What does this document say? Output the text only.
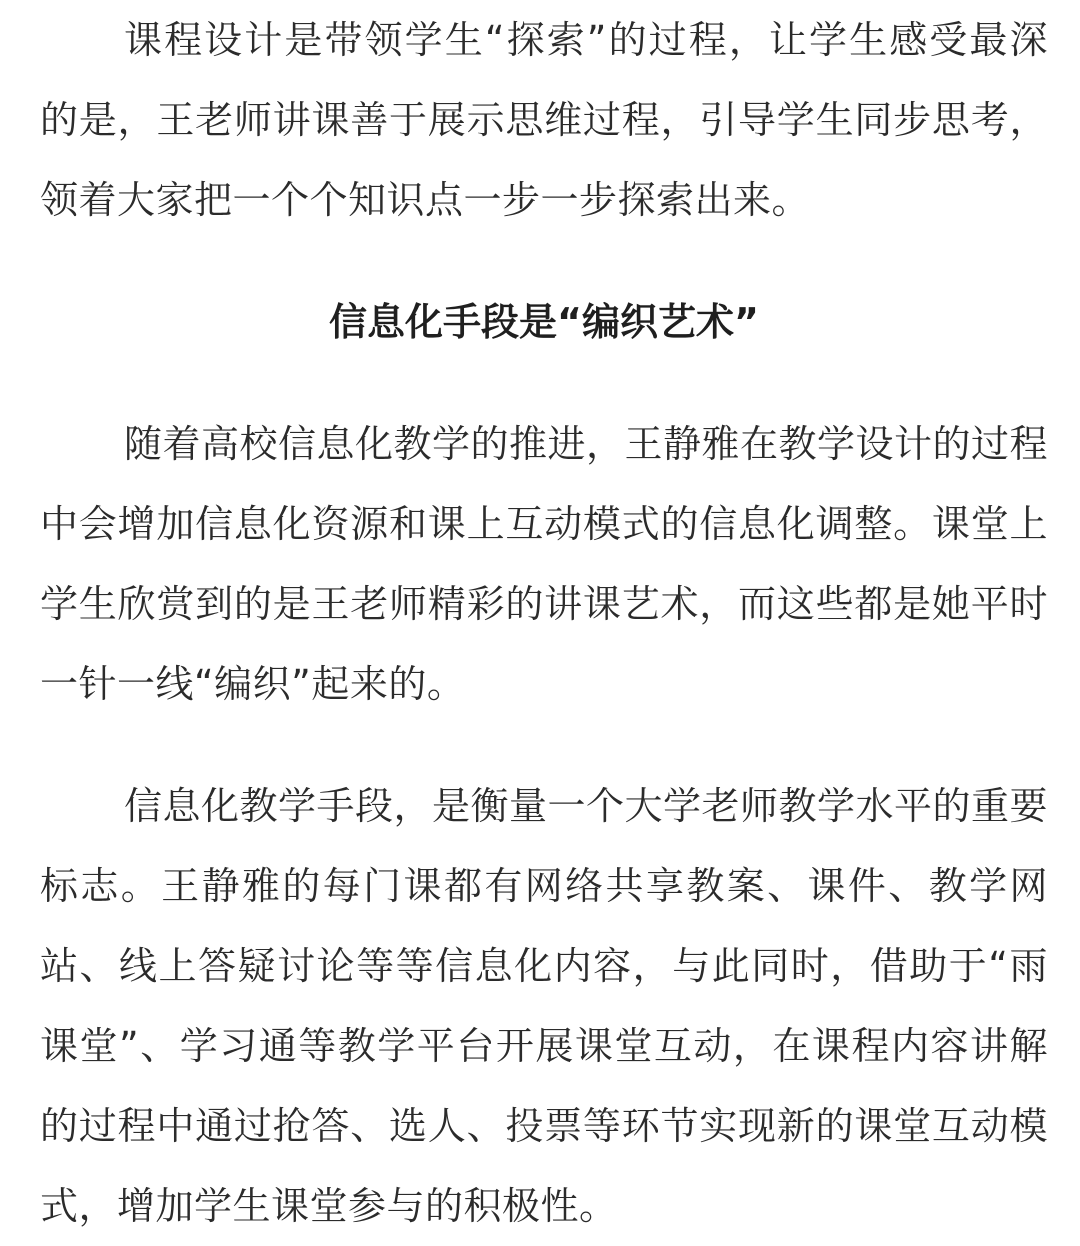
课程设计是带领学生“探索”的过程，让学生感受最深的是，王老师讲课善于展示思维过程，引导学生同步思考，领着大家把一个个知识点一步一步探索出来。

信息化手段是“编织艺术”

随着高校信息化教学的推进，王静雅在教学设计的过程中会增加信息化资源和课上互动模式的信息化调整。课堂上学生欣赏到的是王老师精彩的讲课艺术，而这些都是她平时一针一线“编织”起来的。

信息化教学手段，是衡量一个大学老师教学水平的重要标志。王静雅的每门课都有网络共享教案、课件、教学网站、线上答疑讨论等等信息化内容，与此同时，借助于“雨课堂”、学习通等教学平台开展课堂互动，在课程内容讲解的过程中通过抢答、选人、投票等环节实现新的课堂互动模式，增加学生课堂参与的积极性。
